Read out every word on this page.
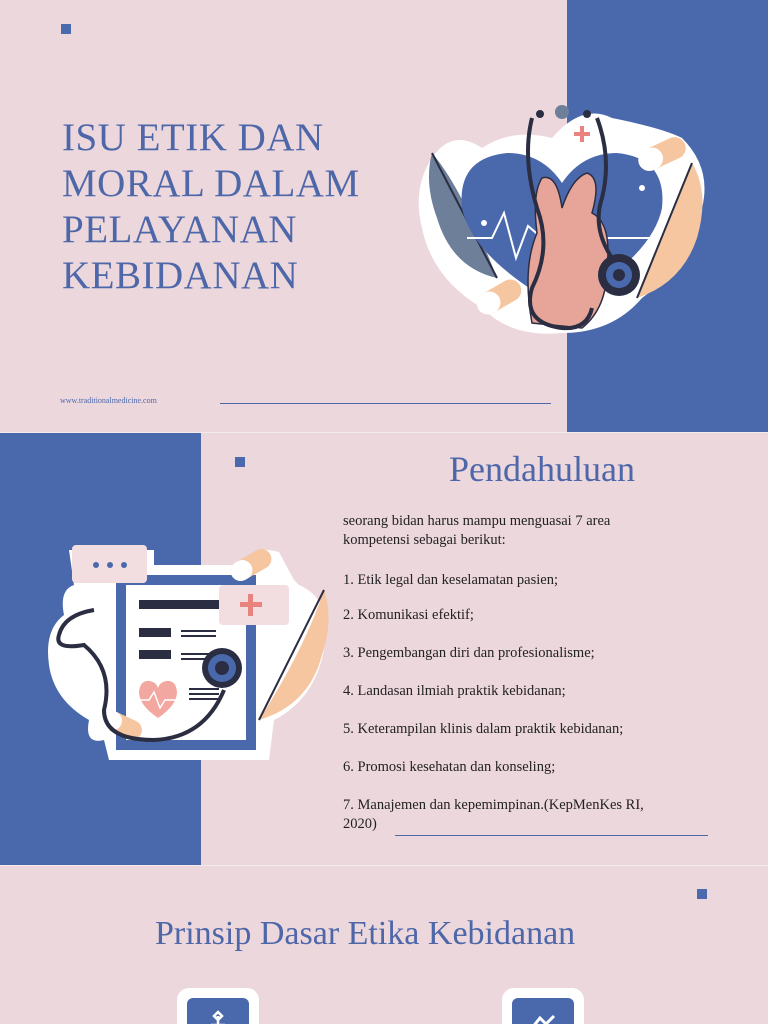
ISU ETIK DAN MORAL DALAM PELAYANAN KEBIDANAN
www.traditionalmedicine.com
Pendahuluan
seorang bidan harus mampu menguasai 7 area kompetensi sebagai berikut:
1. Etik legal dan keselamatan pasien;
2. Komunikasi efektif;
3. Pengembangan diri dan profesionalisme;
4. Landasan ilmiah praktik kebidanan;
5. Keterampilan klinis dalam praktik kebidanan;
6. Promosi kesehatan dan konseling;
7. Manajemen dan kepemimpinan.(KepMenKes RI,
2020)
Prinsip Dasar Etika Kebidanan
